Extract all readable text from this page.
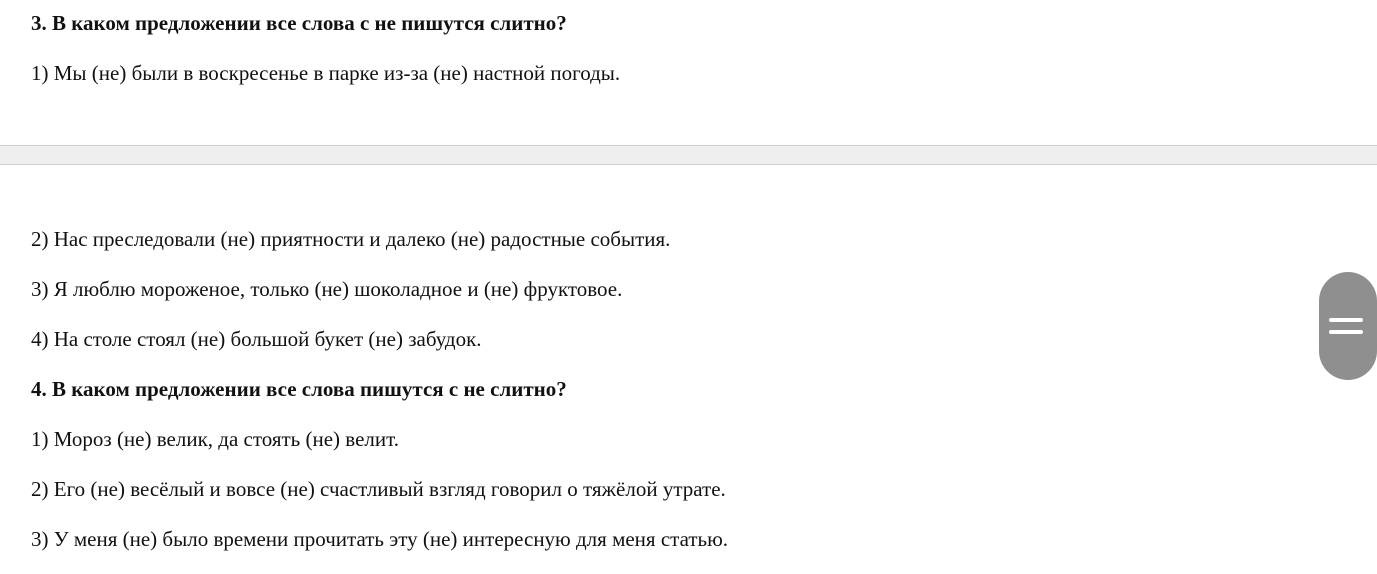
3. В каком предложении все слова с не пишутся слитно?
1) Мы (не) были в воскресенье в парке из-за (не) настной погоды.
2) Нас преследовали (не) приятности и далеко (не) радостные события.
3) Я люблю мороженое, только (не) шоколадное и (не) фруктовое.
4) На столе стоял (не) большой букет (не) забудок.
4. В каком предложении все слова пишутся с не слитно?
1) Мороз (не) велик, да стоять (не) велит.
2) Его (не) весёлый и вовсе (не) счастливый взгляд говорил о тяжёлой утрате.
3) У меня (не) было времени прочитать эту (не) интересную для меня статью.
